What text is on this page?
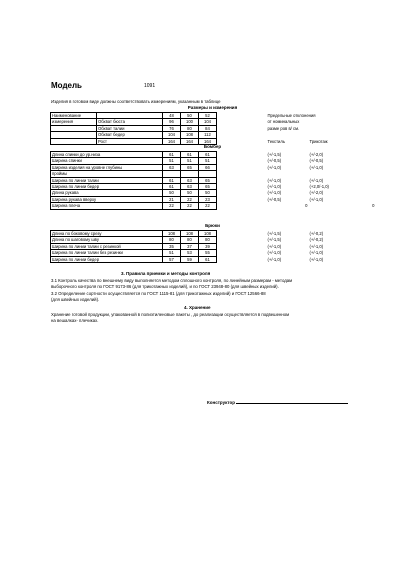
Модель	1091
Изделия в готовом виде должны соответствовать измерениям, указанным в таблице
Размеры и измерения
Наименование		48	50	52		Предельные отклонения	
измерения	Обхват бюста	96	100	104		от номинальных	
	Обхват талии	76	80	84		разме ров в/ см.	
	Обхват бедер	104	108	112			
	Рост	164	164	164		Текстиль	Трикотаж
Бомбер
Длина спинки до ур.низа	61	61	61		(+/-1,5)	(+/-2,0)
Ширина спинки	51	51	51		(+/-0,5)	(+/-0,5)
Ширина изделия на уровне глубины	63	65	66		(+/-1,0)	(+/-1,0)
проймы						
Ширина по линии талии	61	63	65		(+/-1,0)	(+/-1,0)
Ширина по линии бедер	61	63	65		(+/-1,0)	(+2,0/-1,0)
Длина рукава	50	50	50		(+/-1,0)	(+/-2,0)
Ширина рукава вверху	21	22	23		(+/-0,5)	(+/-1,0)
Ширина плеча	22	22	22		0	0
Брюки
Длина по боковому срезу	108	108	108		(+/-1,5)	(+/-0,2)
Длина по шаговому шву	80	80	80		(+/-1,5)	(+/-0,2)
Ширина по линии талии с резинкой	35	37	39		(+/-1,0)	(+/-1,0)
Ширина по линии талии без резинки	51	53	55		(+/-1,0)	(+/-1,0)
Ширина по линии бедер	57	59	61		(+/-1,0)	(+/-1,0)
3. Правила приемки и методы контроля
3.1 Контроль качества по внешнему виду выполняется методом сплошного контроля, по линейным размерам - методам
выборочного контроля по ГОСТ 9173-86 (для трикотажных изделий), и по ГОСТ 23948-80 (для швейных изделий).
3.2 Определение сортности осуществляется по ГОСТ 1115-81 (для трикотажных изделий) и ГОСТ 12566-88
(для швейных изделий).
4. Хранение
Хранение готовой продукции, упакованной в полиэтиленовые пакеты , до реализации осуществляется в подвешенном
на вешалках- плечиках.
Конструктор
